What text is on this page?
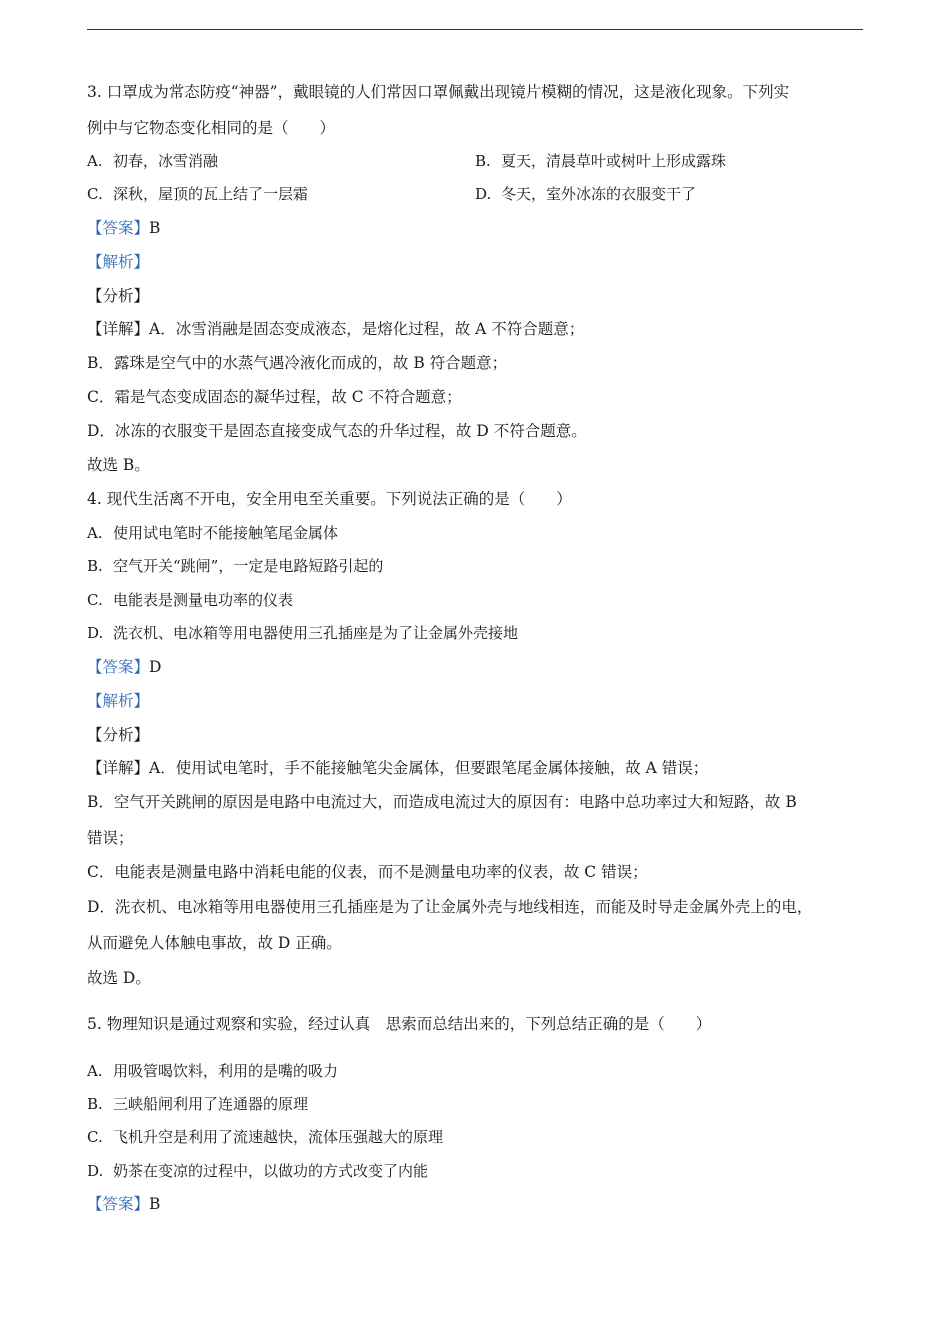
3. 口罩成为常态防疫“神器”，戴眼镜的人们常因口罩佩戴出现镜片模糊的情况，这是液化现象。下列实
例中与它物态变化相同的是（　　）
A. 初春，冰雪消融	B. 夏天，清晨草叶或树叶上形成露珠
C. 深秋，屋顶的瓦上结了一层霜	D. 冬天，室外冰冻的衣服变干了
【答案】B
【解析】
【分析】
【详解】A．冰雪消融是固态变成液态，是熔化过程，故 A 不符合题意；
B．露珠是空气中的水蒸气遇冷液化而成的，故 B 符合题意；
C．霜是气态变成固态的凝华过程，故 C 不符合题意；
D．冰冻的衣服变干是固态直接变成气态的升华过程，故 D 不符合题意。
故选 B。
4. 现代生活离不开电，安全用电至关重要。下列说法正确的是（　　）
A. 使用试电笔时不能接触笔尾金属体
B. 空气开关“跳闸”，一定是电路短路引起的
C. 电能表是测量电功率的仪表
D. 洗衣机、电冰箱等用电器使用三孔插座是为了让金属外壳接地
【答案】D
【解析】
【分析】
【详解】A．使用试电笔时，手不能接触笔尖金属体，但要跟笔尾金属体接触，故 A 错误；
B．空气开关跳闸的原因是电路中电流过大，而造成电流过大的原因有：电路中总功率过大和短路，故 B
错误；
C．电能表是测量电路中消耗电能的仪表，而不是测量电功率的仪表，故 C 错误；
D．洗衣机、电冰箱等用电器使用三孔插座是为了让金属外壳与地线相连，而能及时导走金属外壳上的电，
从而避免人体触电事故，故 D 正确。
故选 D。
5. 物理知识是通过观察和实验，经过认真　思索而总结出来的，下列总结正确的是（　　）
A. 用吸管喝饮料，利用的是嘴的吸力
B. 三峡船闸利用了连通器的原理
C. 飞机升空是利用了流速越快，流体压强越大的原理
D. 奶茶在变凉的过程中，以做功的方式改变了内能
【答案】B
